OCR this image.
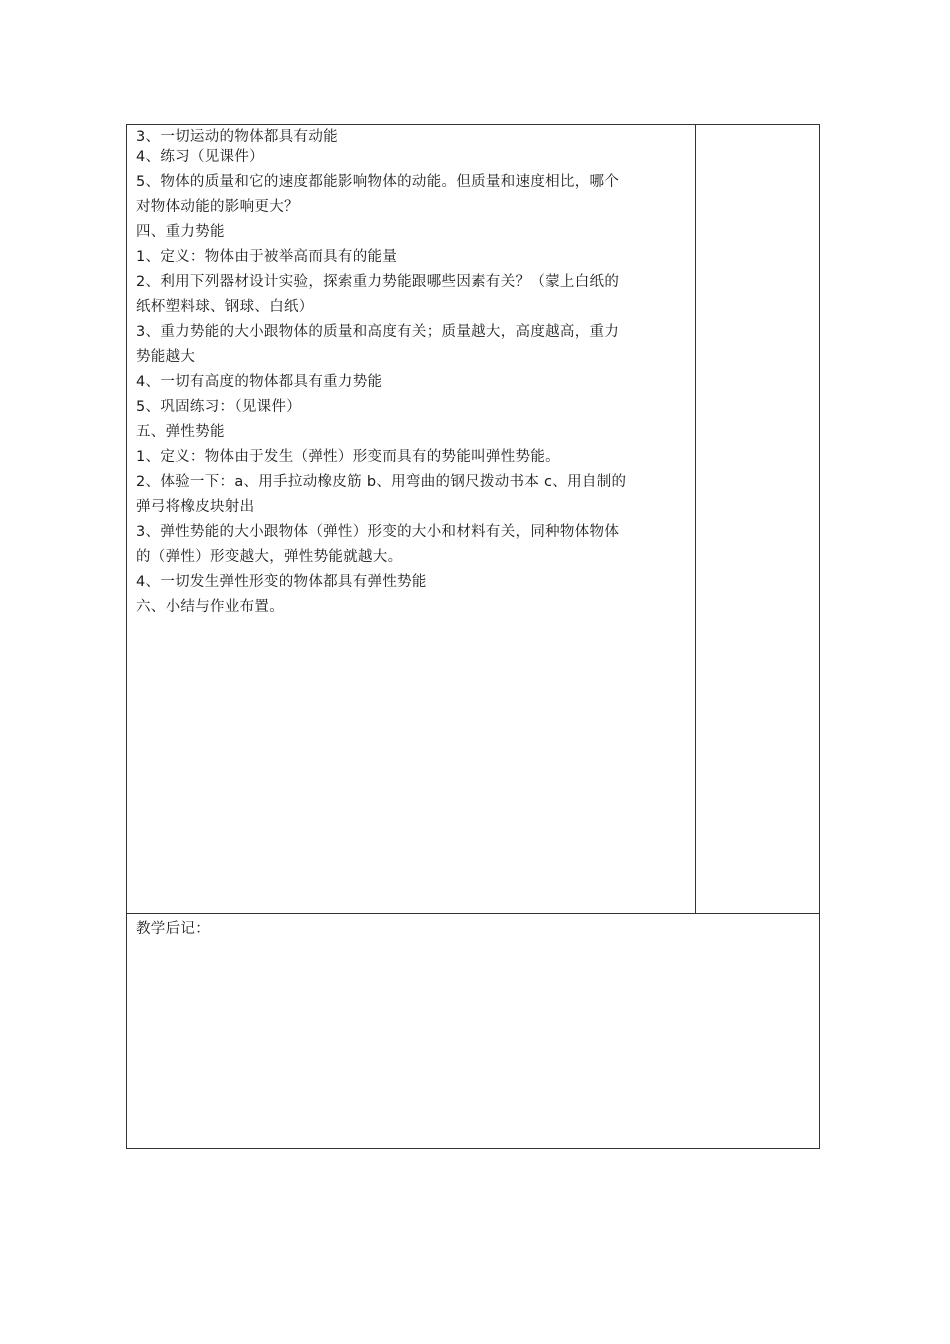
3、一切运动的物体都具有动能
4、练习（见课件）
5、物体的质量和它的速度都能影响物体的动能。但质量和速度相比，哪个
对物体动能的影响更大？
四、重力势能
1、定义：物体由于被举高而具有的能量
2、利用下列器材设计实验，探索重力势能跟哪些因素有关？（蒙上白纸的
纸杯塑料球、钢球、白纸）
3、重力势能的大小跟物体的质量和高度有关；质量越大，高度越高，重力
势能越大
4、一切有高度的物体都具有重力势能
5、巩固练习：（见课件）
五、弹性势能
1、定义：物体由于发生（弹性）形变而具有的势能叫弹性势能。
2、体验一下：a、用手拉动橡皮筋 b、用弯曲的钢尺拨动书本 c、用自制的
弹弓将橡皮块射出
3、弹性势能的大小跟物体（弹性）形变的大小和材料有关，同种物体物体
的（弹性）形变越大，弹性势能就越大。
4、一切发生弹性形变的物体都具有弹性势能
六、小结与作业布置。
教学后记：
